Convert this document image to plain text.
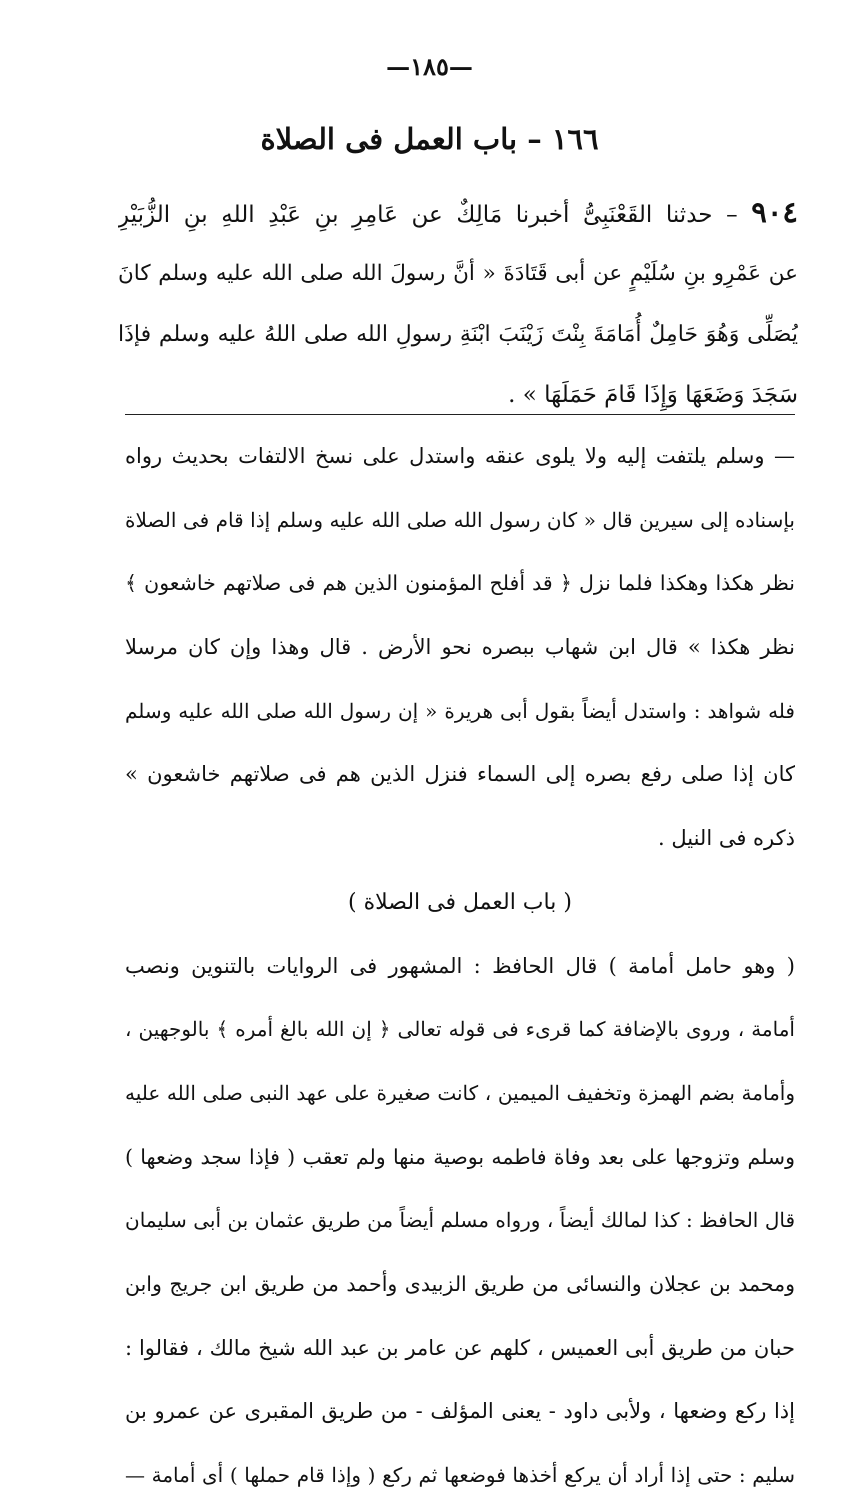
—١٨٥—
١٦٦ – باب العمل فى الصلاة
٩٠٤ – حدثنا القَعْنَبِىُّ أخبرنا مَالِكٌ عن عَامِرِ بنِ عَبْدِ اللهِ بنِ الزُّبَيْرِ
عن عَمْرِو بنِ سُلَيْمٍ عن أبى قَتَادَةَ « أنَّ رسولَ الله صلى الله عليه وسلم كانَ
يُصَلِّى وَهُوَ حَامِلٌ أُمَامَةَ بِنْتَ زَيْنَبَ ابْنَةِ رسولِ الله صلى اللهُ عليه وسلم فإذَا
سَجَدَ وَضَعَهَا وَإِذَا قَامَ حَمَلَهَا » .
— وسلم يلتفت إليه ولا يلوى عنقه واستدل على نسخ الالتفات بحديث رواه
بإسناده إلى سيرين قال « كان رسول الله صلى الله عليه وسلم إذا قام فى الصلاة
نظر هكذا وهكذا فلما نزل ﴿ قد أفلح المؤمنون الذين هم فى صلاتهم خاشعون ﴾
نظر هكذا » قال ابن شهاب ببصره نحو الأرض . قال وهذا وإن كان مرسلا
فله شواهد : واستدل أيضاً بقول أبى هريرة « إن رسول الله صلى الله عليه وسلم
كان إذا صلى رفع بصره إلى السماء فنزل الذين هم فى صلاتهم خاشعون »
ذكره فى النيل .
( باب العمل فى الصلاة )
( وهو حامل أمامة ) قال الحافظ : المشهور فى الروايات بالتنوين ونصب
أمامة ، وروى بالإضافة كما قرىء فى قوله تعالى ﴿ إن الله بالغ أمره ﴾ بالوجهين ،
وأمامة بضم الهمزة وتخفيف الميمين ، كانت صغيرة على عهد النبى صلى الله عليه
وسلم وتزوجها على بعد وفاة فاطمه بوصية منها ولم تعقب ( فإذا سجد وضعها )
قال الحافظ : كذا لمالك أيضاً ، ورواه مسلم أيضاً من طريق عثمان بن أبى سليمان
ومحمد بن عجلان والنسائى من طريق الزبيدى وأحمد من طريق ابن جريج وابن
حبان من طريق أبى العميس ، كلهم عن عامر بن عبد الله شيخ مالك ، فقالوا :
إذا ركع وضعها ، ولأبى داود - يعنى المؤلف - من طريق المقبرى عن عمرو بن
سليم : حتى إذا أراد أن يركع أخذها فوضعها ثم ركع ( وإذا قام حملها ) أى أمامة —
